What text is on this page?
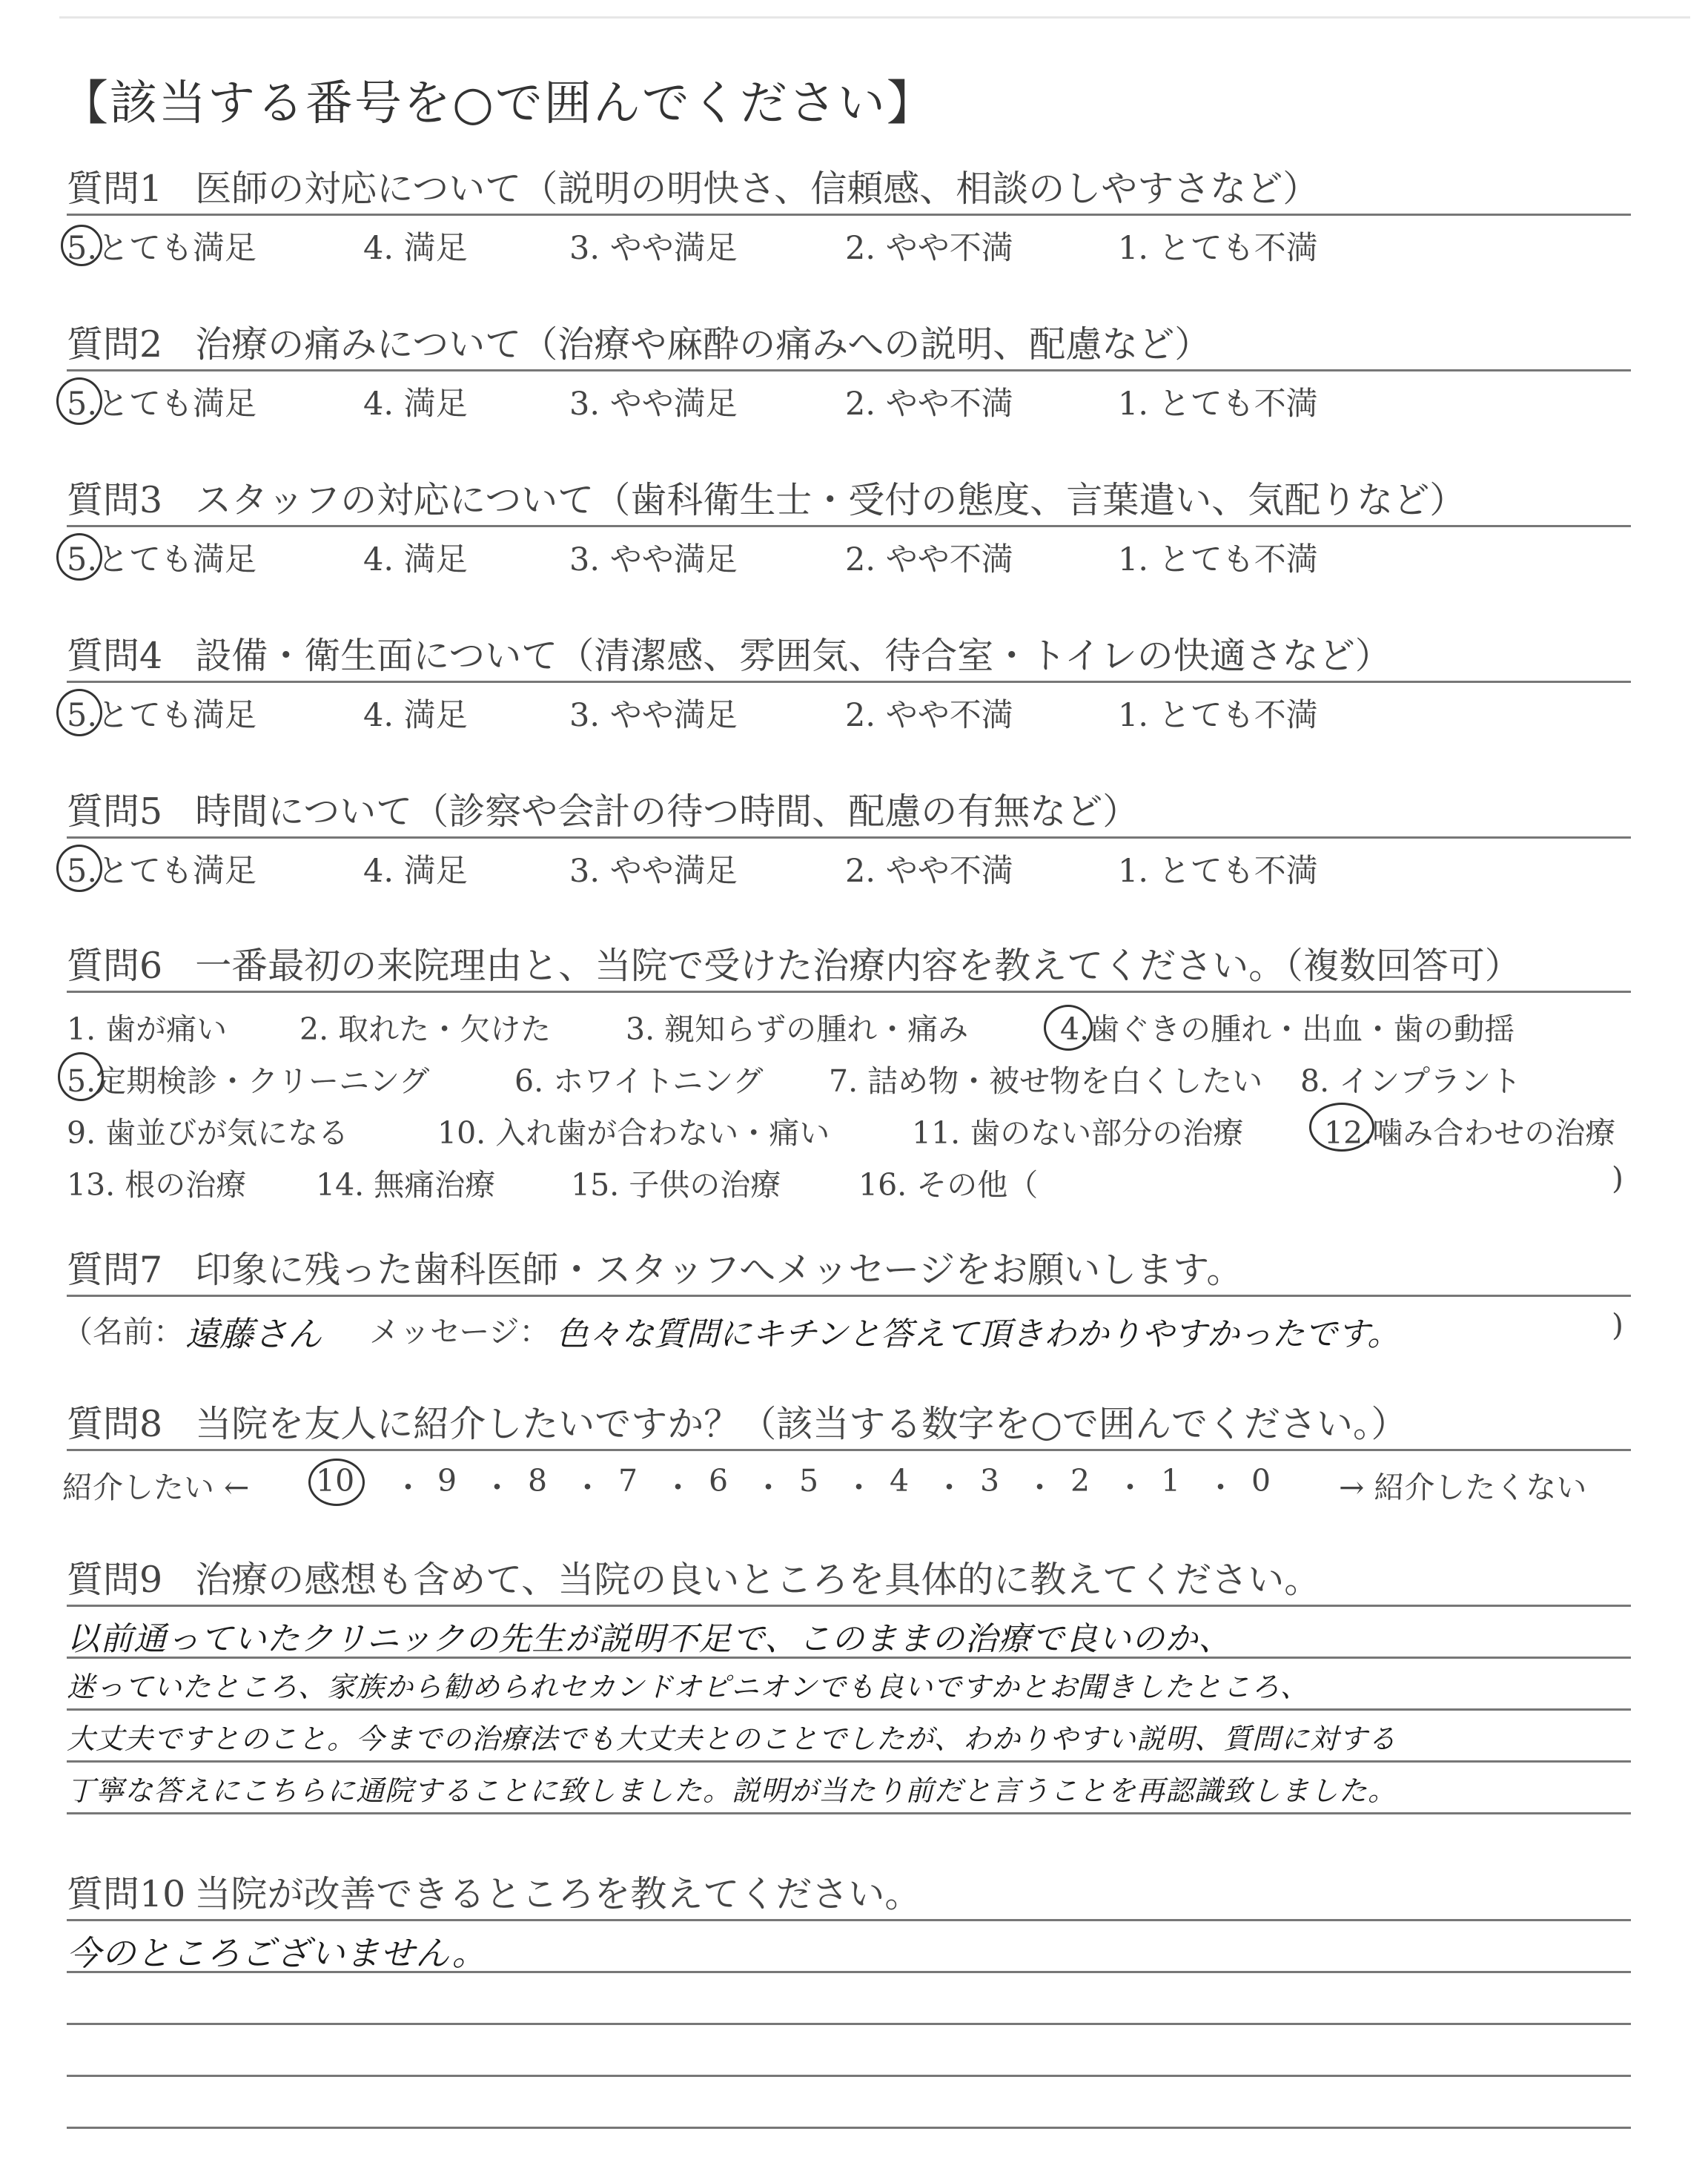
【該当する番号を○で囲んでください】
質問1 医師の対応について（説明の明快さ、信頼感、相談のしやすさなど）
5.とても満足	4. 満足	3. やや満足	2. やや不満	1. とても不満
質問2 治療の痛みについて（治療や麻酔の痛みへの説明、配慮など）
5.とても満足	4. 満足	3. やや満足	2. やや不満	1. とても不満
質問3 スタッフの対応について（歯科衛生士・受付の態度、言葉遣い、気配りなど）
5.とても満足	4. 満足	3. やや満足	2. やや不満	1. とても不満
質問4 設備・衛生面について（清潔感、雰囲気、待合室・トイレの快適さなど）
5.とても満足	4. 満足	3. やや満足	2. やや不満	1. とても不満
質問5 時間について（診察や会計の待つ時間、配慮の有無など）
5.とても満足	4. 満足	3. やや満足	2. やや不満	1. とても不満
質問6 一番最初の来院理由と、当院で受けた治療内容を教えてください。（複数回答可）
1. 歯が痛い 2. 取れた・欠けた 3. 親知らずの腫れ・痛み	4.歯ぐきの腫れ・出血・歯の動揺
5.定期検診・クリーニング	6. ホワイトニング 7. 詰め物・被せ物を白くしたい 8. インプラント
9. 歯並びが気になる	10. 入れ歯が合わない・痛い	11. 歯のない部分の治療	12.噛み合わせの治療
13. 根の治療 14. 無痛治療 15. 子供の治療	16. その他（	)
質問7 印象に残った歯科医師・スタッフへメッセージをお願いします。
（名前： 遠藤さん メッセージ： 色々な質問にキチンと答えて頂きわかりやすかったです。	)
質問8 当院を友人に紹介したいですか？（該当する数字を○で囲んでください。）
紹介したい ← 10 ・ 9 ・ 8 ・ 7 ・ 6 ・ 5 ・ 4 ・ 3 ・ 2 ・ 1 ・ 0 → 紹介したくない
質問9 治療の感想も含めて、当院の良いところを具体的に教えてください。
以前通っていたクリニックの先生が説明不足で、このままの治療で良いのか、
迷っていたところ、家族から勧められセカンドオピニオンでも良いですかとお聞きしたところ、
大丈夫ですとのこと。今までの治療法でも大丈夫とのことでしたが、わかりやすい説明、質問に対する
丁寧な答えにこちらに通院することに致しました。説明が当たり前だと言うことを再認識致しました。
質問10 当院が改善できるところを教えてください。
今のところございません。
